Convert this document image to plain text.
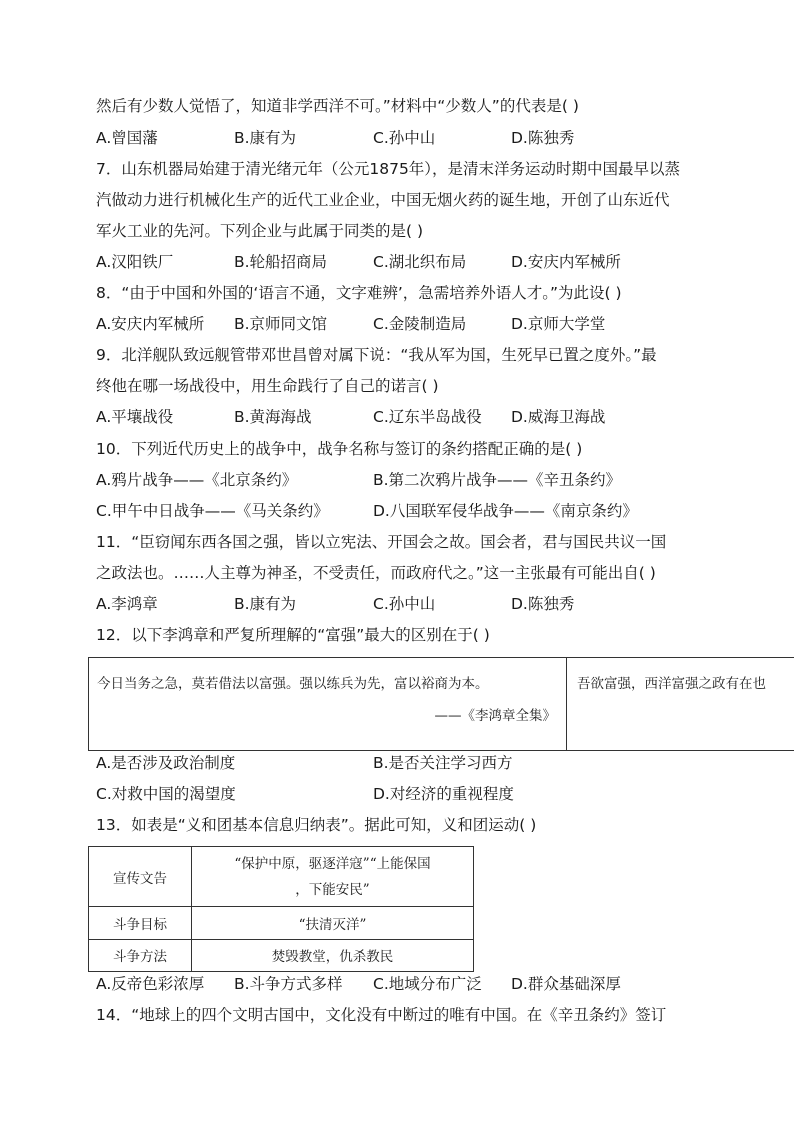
然后有少数人觉悟了，知道非学西洋不可。”材料中“少数人”的代表是( )
A.曾国藩	B.康有为	C.孙中山	D.陈独秀
7．山东机器局始建于清光绪元年（公元1875年），是清末洋务运动时期中国最早以蒸
汽做动力进行机械化生产的近代工业企业，中国无烟火药的诞生地，开创了山东近代
军火工业的先河。下列企业与此属于同类的是( )
A.汉阳铁厂	B.轮船招商局	C.湖北织布局	D.安庆内军械所
8．“由于中国和外国的‘语言不通，文字难辨’，急需培养外语人才。”为此设( )
A.安庆内军械所 B.京师同文馆	C.金陵制造局	D.京师大学堂
9．北洋舰队致远舰管带邓世昌曾对属下说：“我从军为国，生死早已置之度外。”最
终他在哪一场战役中，用生命践行了自己的诺言( )
A.平壤战役	B.黄海海战	C.辽东半岛战役 D.威海卫海战
10．下列近代历史上的战争中，战争名称与签订的条约搭配正确的是( )
A.鸦片战争——《北京条约》	B.第二次鸦片战争——《辛丑条约》
C.甲午中日战争——《马关条约》	D.八国联军侵华战争——《南京条约》
11．“臣窃闻东西各国之强，皆以立宪法、开国会之故。国会者，君与国民共议一国
之政法也。……人主尊为神圣，不受责任，而政府代之。”这一主张最有可能出自( )
A.李鸿章	B.康有为	C.孙中山	D.陈独秀
12．以下李鸿章和严复所理解的“富强”最大的区别在于( )
今日当务之急，莫若借法以富强。强以练兵为先，富以裕商为本。
——《李鸿章全集》
吾欲富强，西洋富强之政有在也
A.是否涉及政治制度	B.是否关注学习西方
C.对救中国的渴望度	D.对经济的重视程度
13．如表是“义和团基本信息归纳表”。据此可知，义和团运动( )
宣传文告	“保护中原，驱逐洋寇”“上能保国
，下能安民”

斗争目标	“扶清灭洋”
斗争方法	焚毁教堂，仇杀教民
A.反帝色彩浓厚 B.斗争方式多样 C.地域分布广泛 D.群众基础深厚
14．“地球上的四个文明古国中，文化没有中断过的唯有中国。在《辛丑条约》签订
